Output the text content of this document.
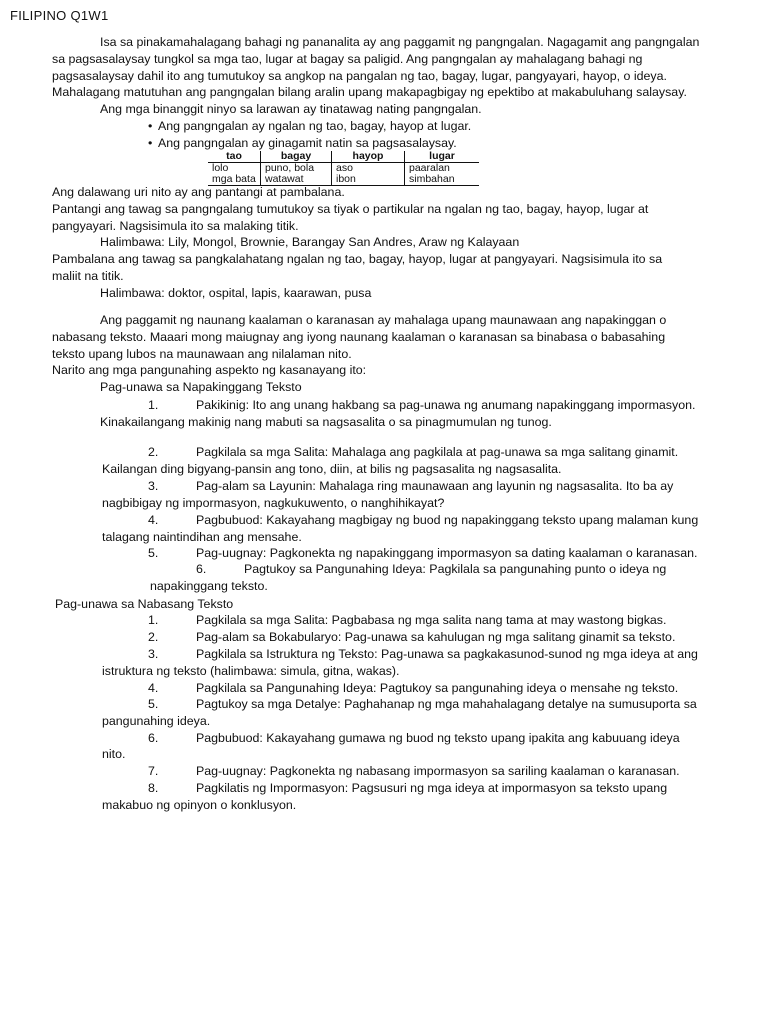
FILIPINO Q1W1

Isa sa pinakamahalagang bahagi ng pananalita ay ang paggamit ng pangngalan. Nagagamit ang pangngalan

sa pagsasalaysay tungkol sa mga tao, lugar at bagay sa paligid. Ang pangngalan ay mahalagang bahagi ng

pagsasalaysay dahil ito ang tumutukoy sa angkop na pangalan ng tao, bagay, lugar, pangyayari, hayop, o ideya.

Mahalagang matutuhan ang pangngalan bilang aralin upang makapagbigay ng epektibo at makabuluhang salaysay.

Ang mga binanggit ninyo sa larawan ay tinatawag nating pangngalan.

• Ang pangngalan ay ngalan ng tao, bagay, hayop at lugar.

• Ang pangngalan ay ginagamit natin sa pagsasalaysay.

tao	bagay	hayop	lugar
lolo	puno, bola	aso	paaralan
mga bata	watawat	ibon	simbahan

Ang dalawang uri nito ay ang pantangi at pambalana.

Pantangi ang tawag sa pangngalang tumutukoy sa tiyak o partikular na ngalan ng tao, bagay, hayop, lugar at

pangyayari. Nagsisimula ito sa malaking titik.

Halimbawa: Lily, Mongol, Brownie, Barangay San Andres, Araw ng Kalayaan

Pambalana ang tawag sa pangkalahatang ngalan ng tao, bagay, hayop, lugar at pangyayari. Nagsisimula ito sa

maliit na titik.

Halimbawa: doktor, ospital, lapis, kaarawan, pusa

Ang paggamit ng naunang kaalaman o karanasan ay mahalaga upang maunawaan ang napakinggan o

nabasang teksto. Maaari mong maiugnay ang iyong naunang kaalaman o karanasan sa binabasa o babasahing

teksto upang lubos na maunawaan ang nilalaman nito.

Narito ang mga pangunahing aspekto ng kasanayang ito:

Pag-unawa sa Napakinggang Teksto

1.	Pakikinig: Ito ang unang hakbang sa pag-unawa ng anumang napakinggang impormasyon.
Kinakailangang makinig nang mabuti sa nagsasalita o sa pinagmumulan ng tunog.
2.	Pagkilala sa mga Salita: Mahalaga ang pagkilala at pag-unawa sa mga salitang ginamit.
Kailangan ding bigyang-pansin ang tono, diin, at bilis ng pagsasalita ng nagsasalita.
3.	Pag-alam sa Layunin: Mahalaga ring maunawaan ang layunin ng nagsasalita. Ito ba ay
nagbibigay ng impormasyon, nagkukuwento, o nanghihikayat?
4.	Pagbubuod: Kakayahang magbigay ng buod ng napakinggang teksto upang malaman kung
talagang naintindihan ang mensahe.
5.	Pag-uugnay: Pagkonekta ng napakinggang impormasyon sa dating kaalaman o karanasan.
6.	Pagtukoy sa Pangunahing Ideya: Pagkilala sa pangunahing punto o ideya ng
napakinggang teksto.
Pag-unawa sa Nabasang Teksto
1.	Pagkilala sa mga Salita: Pagbabasa ng mga salita nang tama at may wastong bigkas.
2.	Pag-alam sa Bokabularyo: Pag-unawa sa kahulugan ng mga salitang ginamit sa teksto.
3.	Pagkilala sa Istruktura ng Teksto: Pag-unawa sa pagkakasunod-sunod ng mga ideya at ang
istruktura ng teksto (halimbawa: simula, gitna, wakas).
4.	Pagkilala sa Pangunahing Ideya: Pagtukoy sa pangunahing ideya o mensahe ng teksto.
5.	Pagtukoy sa mga Detalye: Paghahanap ng mga mahahalagang detalye na sumusuporta sa
pangunahing ideya.
6.	Pagbubuod: Kakayahang gumawa ng buod ng teksto upang ipakita ang kabuuang ideya
nito.
7.	Pag-uugnay: Pagkonekta ng nabasang impormasyon sa sariling kaalaman o karanasan.
8.	Pagkilatis ng Impormasyon: Pagsusuri ng mga ideya at impormasyon sa teksto upang
makabuo ng opinyon o konklusyon.
